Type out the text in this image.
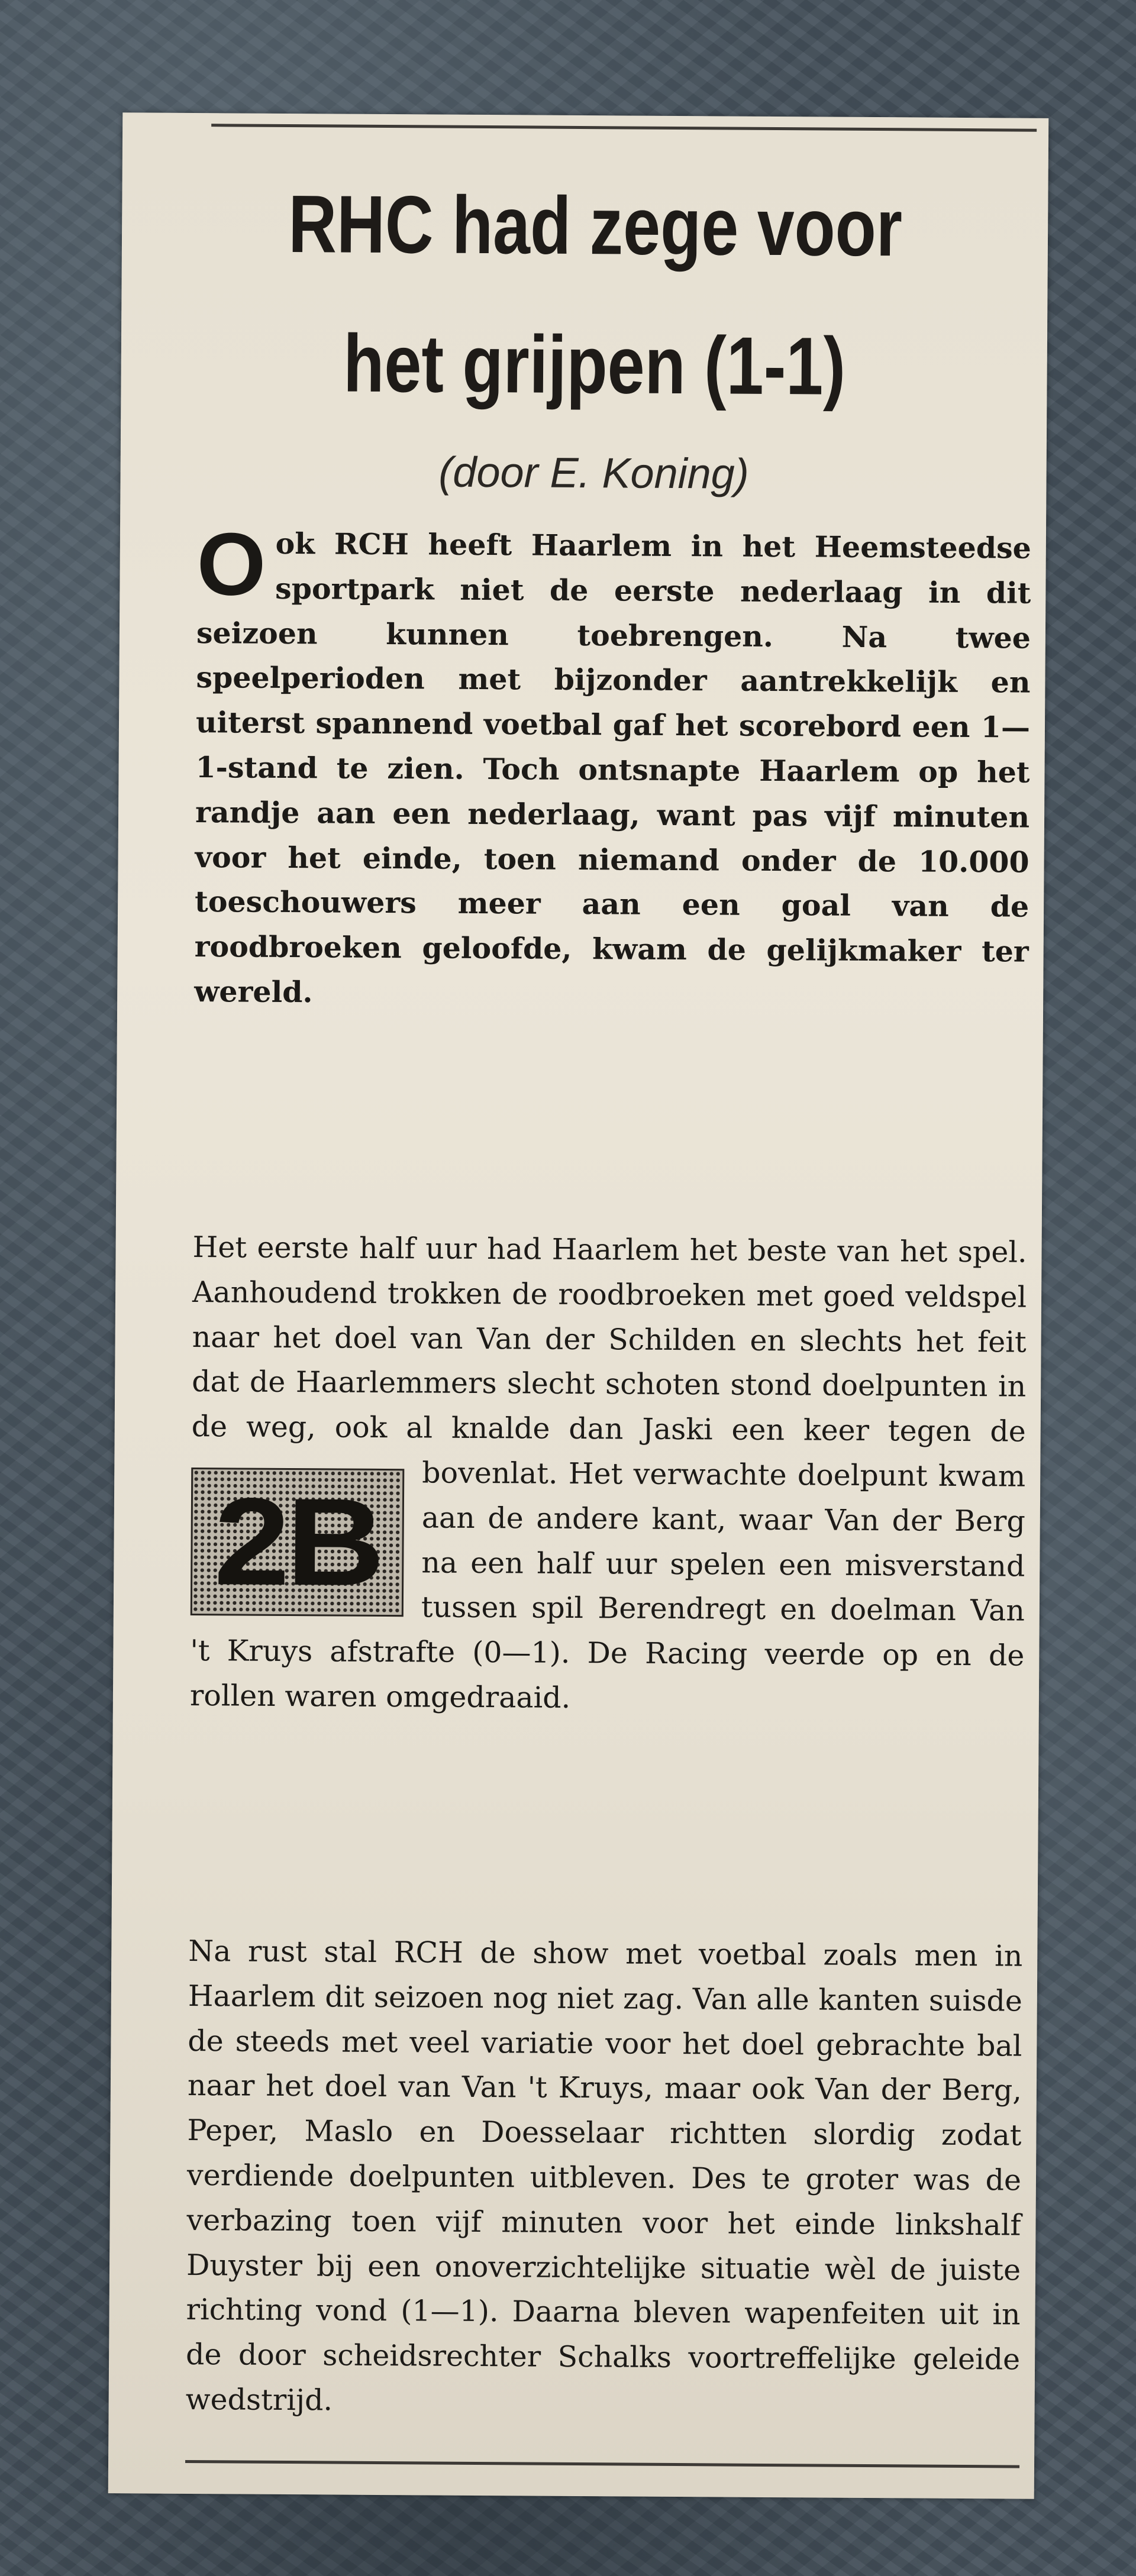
RHC had zege voor het grijpen (1-1)
(door E. Koning)

Ook RCH heeft Haarlem in het Heemsteedse sportpark niet de eerste nederlaag in dit seizoen kunnen toebrengen. Na twee speelperioden met bijzonder aantrekkelijk en uiterst spannend voetbal gaf het scorebord een 1—1-stand te zien. Toch ontsnapte Haarlem op het randje aan een nederlaag, want pas vijf minuten voor het einde, toen niemand onder de 10.000 toeschouwers meer aan een goal van de roodbroeken geloofde, kwam de gelijkmaker ter wereld.

2B
Het eerste half uur had Haarlem het beste van het spel. Aanhoudend trokken de roodbroeken met goed veldspel naar het doel van Van der Schilden en slechts het feit dat de Haarlemmers slecht schoten stond doelpunten in de weg, ook al knalde dan Jaski een keer tegen de bovenlat. Het verwachte doelpunt kwam aan de andere kant, waar Van der Berg na een half uur spelen een misverstand tussen spil Berendregt en doelman Van 't Kruys afstrafte (0—1). De Racing veerde op en de rollen waren omgedraaid.

Na rust stal RCH de show met voetbal zoals men in Haarlem dit seizoen nog niet zag. Van alle kanten suisde de steeds met veel variatie voor het doel gebrachte bal naar het doel van Van 't Kruys, maar ook Van der Berg, Peper, Maslo en Doesselaar richtten slordig zodat verdiende doelpunten uitbleven. Des te groter was de verbazing toen vijf minuten voor het einde linkshalf Duyster bij een onoverzichtelijke situatie wèl de juiste richting vond (1—1). Daarna bleven wapenfeiten uit in de door scheidsrechter Schalks voortreffelijke geleide wedstrijd.
